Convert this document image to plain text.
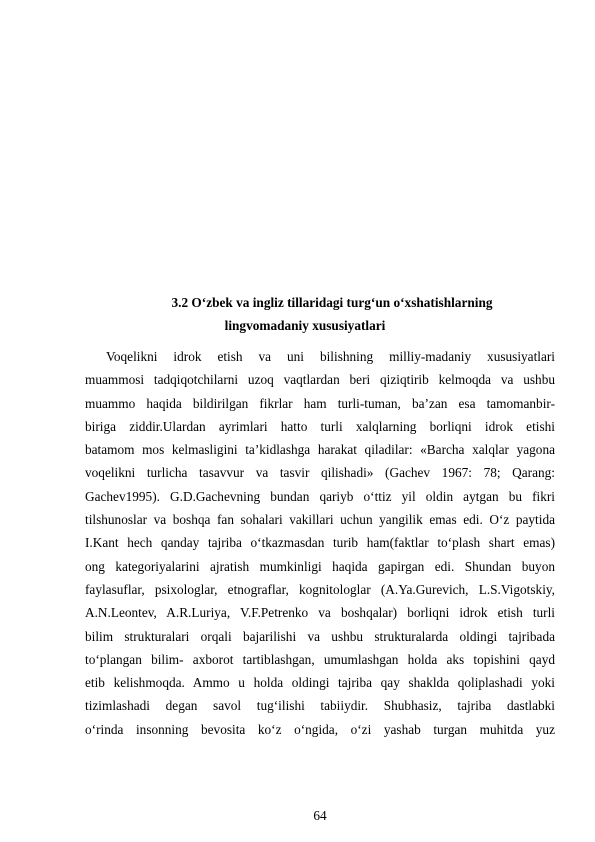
3.2 O‘zbek va ingliz tillaridagi turg‘un o‘xshatishlarning
lingvomadaniy xususiyatlari
Voqelikni idrok etish va uni bilishning milliy-madaniy xususiyatlari
muammosi tadqiqotchilarni uzoq vaqtlardan beri qiziqtirib kelmoqda va ushbu
muammo haqida bildirilgan fikrlar ham turli-tuman, ba’zan esa tamomanbir-
biriga ziddir.Ulardan ayrimlari hatto turli xalqlarning borliqni idrok etishi
batamom mos kelmasligini ta’kidlashga harakat qiladilar: «Barcha xalqlar yagona
voqelikni turlicha tasavvur va tasvir qilishadi» (Gachev 1967: 78; Qarang:
Gachev1995). G.D.Gachevning bundan qariyb o‘ttiz yil oldin aytgan bu fikri
tilshunoslar va boshqa fan sohalari vakillari uchun yangilik emas edi. O‘z paytida
I.Kant hech qanday tajriba o‘tkazmasdan turib ham(faktlar to‘plash shart emas)
ong kategoriyalarini ajratish mumkinligi haqida gapirgan edi. Shundan buyon
faylasuflar, psixologlar, etnograflar, kognitologlar (A.Ya.Gurevich, L.S.Vigotskiy,
A.N.Leontev, A.R.Luriya, V.F.Petrenko va boshqalar) borliqni idrok etish turli
bilim strukturalari orqali bajarilishi va ushbu strukturalarda oldingi tajribada
to‘plangan bilim- axborot tartiblashgan, umumlashgan holda aks topishini qayd
etib kelishmoqda. Ammo u holda oldingi tajriba qay shaklda qoliplashadi yoki
tizimlashadi degan savol tug‘ilishi tabiiydir. Shubhasiz, tajriba dastlabki
o‘rinda insonning bevosita ko‘z o‘ngida, o‘zi yashab turgan muhitda yuz
64
